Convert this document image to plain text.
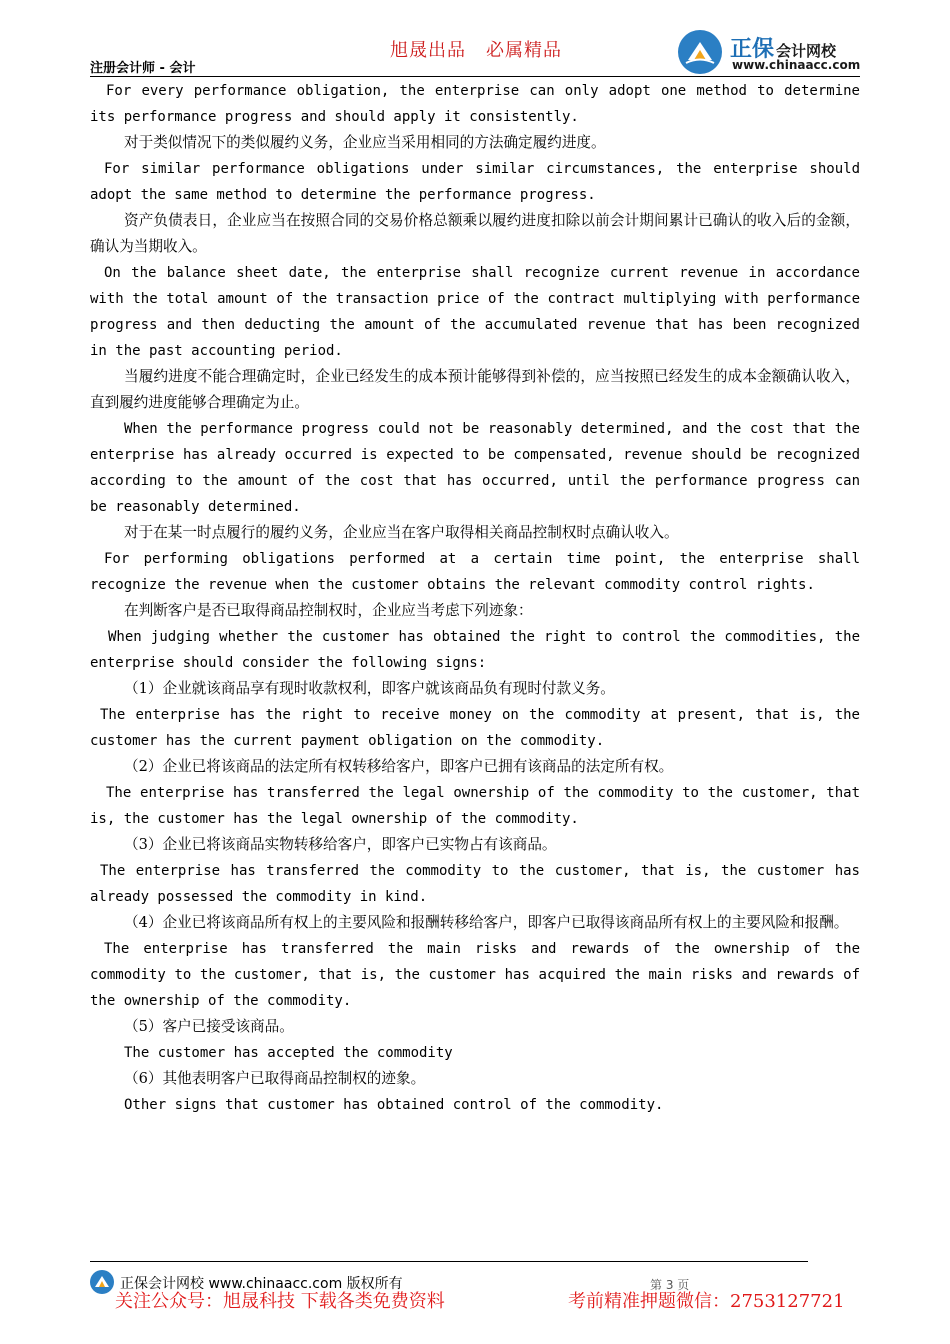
注册会计师 - 会计
旭晟出品 必属精品	正保 会计网校
www.chinaacc.com

For every performance obligation, the enterprise can only adopt one method to determine its performance progress and should apply it consistently.

对于类似情况下的类似履约义务，企业应当采用相同的方法确定履约进度。

For similar performance obligations under similar circumstances, the enterprise should adopt the same method to determine the performance progress.

资产负债表日，企业应当在按照合同的交易价格总额乘以履约进度扣除以前会计期间累计已确认的收入后的金额，确认为当期收入。

On the balance sheet date, the enterprise shall recognize current revenue in accordance with the total amount of the transaction price of the contract multiplying with performance progress and then deducting the amount of the accumulated revenue that has been recognized in the past accounting period.

当履约进度不能合理确定时，企业已经发生的成本预计能够得到补偿的，应当按照已经发生的成本金额确认收入，直到履约进度能够合理确定为止。

When the performance progress could not be reasonably determined, and the cost that the enterprise has already occurred is expected to be compensated, revenue should be recognized according to the amount of the cost that has occurred, until the performance progress can be reasonably determined.

对于在某一时点履行的履约义务，企业应当在客户取得相关商品控制权时点确认收入。

For performing obligations performed at a certain time point, the enterprise shall recognize the revenue when the customer obtains the relevant commodity control rights.

在判断客户是否已取得商品控制权时，企业应当考虑下列迹象：

When judging whether the customer has obtained the right to control the commodities, the enterprise should consider the following signs:

（1）企业就该商品享有现时收款权利，即客户就该商品负有现时付款义务。

The enterprise has the right to receive money on the commodity at present, that is, the customer has the current payment obligation on the commodity.

（2）企业已将该商品的法定所有权转移给客户，即客户已拥有该商品的法定所有权。

The enterprise has transferred the legal ownership of the commodity to the customer, that is, the customer has the legal ownership of the commodity.

（3）企业已将该商品实物转移给客户，即客户已实物占有该商品。

The enterprise has transferred the commodity to the customer, that is, the customer has already possessed the commodity in kind.

（4）企业已将该商品所有权上的主要风险和报酬转移给客户，即客户已取得该商品所有权上的主要风险和报酬。

The enterprise has transferred the main risks and rewards of the ownership of the commodity to the customer, that is, the customer has acquired the main risks and rewards of the ownership of the commodity.

（5）客户已接受该商品。

The customer has accepted the commodity

（6）其他表明客户已取得商品控制权的迹象。

Other signs that customer has obtained control of the commodity.

正保会计网校 www.chinaacc.com 版权所有	第 3 页
关注公众号：旭晟科技 下载各类免费资料	考前精准押题微信：2753127721
